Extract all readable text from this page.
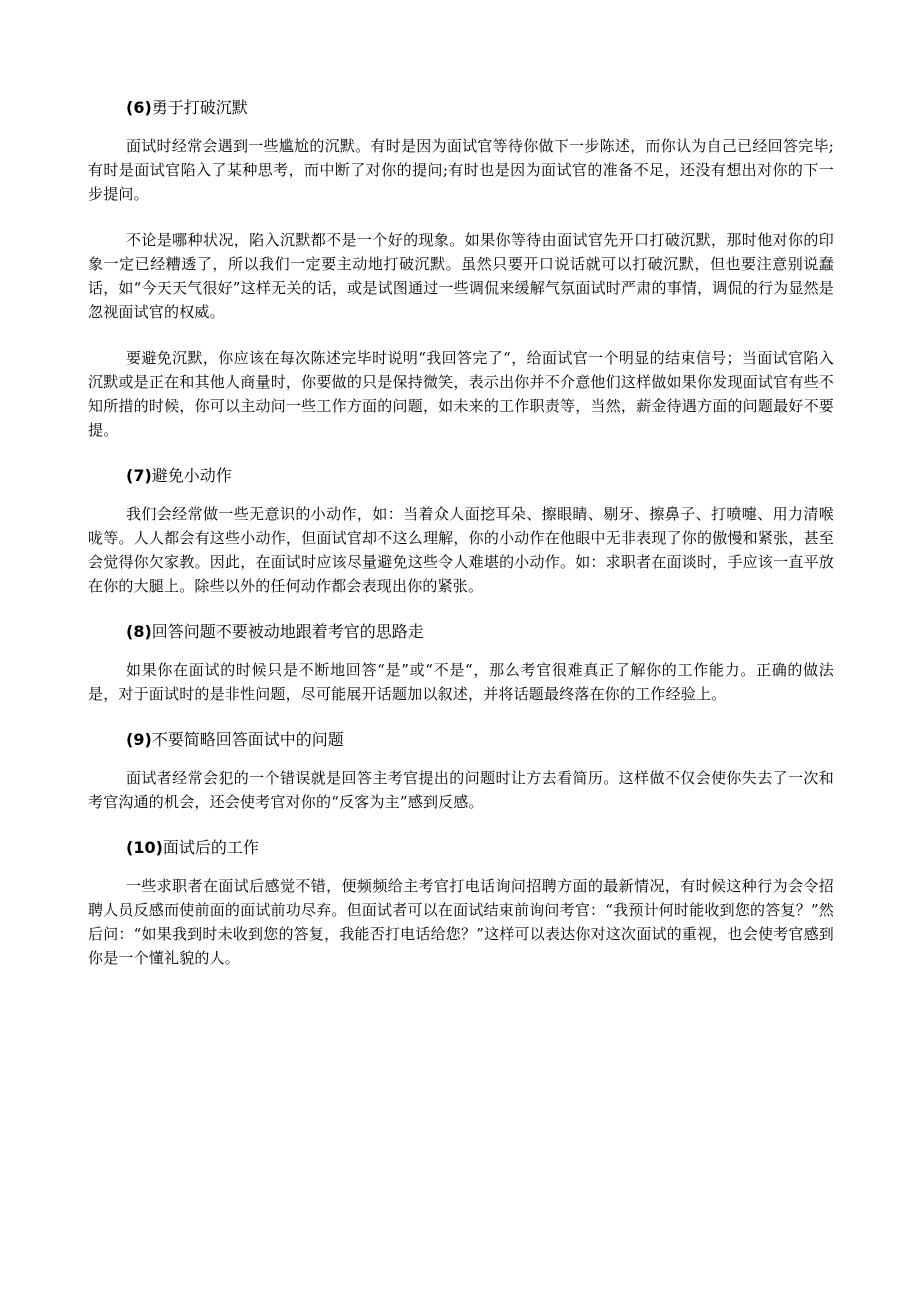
(6)勇于打破沉默

面试时经常会遇到一些尴尬的沉默。有时是因为面试官等待你做下一步陈述，而你认为自己已经回答完毕;有时是面试官陷入了某种思考，而中断了对你的提问;有时也是因为面试官的准备不足，还没有想出对你的下一步提问。

不论是哪种状况，陷入沉默都不是一个好的现象。如果你等待由面试官先开口打破沉默，那时他对你的印象一定已经糟透了，所以我们一定要主动地打破沉默。虽然只要开口说话就可以打破沉默，但也要注意别说蠢话，如“今天天气很好”这样无关的话，或是试图通过一些调侃来缓解气氛面试时严肃的事情，调侃的行为显然是忽视面试官的权威。

要避免沉默，你应该在每次陈述完毕时说明“我回答完了“，给面试官一个明显的结束信号；当面试官陷入沉默或是正在和其他人商量时，你要做的只是保持微笑，表示出你并不介意他们这样做如果你发现面试官有些不知所措的时候，你可以主动问一些工作方面的问题，如未来的工作职责等，当然，薪金待遇方面的问题最好不要提。

(7)避免小动作

我们会经常做一些无意识的小动作，如：当着众人面挖耳朵、擦眼睛、剔牙、擦鼻子、打喷嚏、用力清喉咙等。人人都会有这些小动作，但面试官却不这么理解，你的小动作在他眼中无非表现了你的傲慢和紧张，甚至会觉得你欠家教。因此，在面试时应该尽量避免这些令人难堪的小动作。如：求职者在面谈时，手应该一直平放在你的大腿上。除些以外的任何动作都会表现出你的紧张。

(8)回答问题不要被动地跟着考官的思路走

如果你在面试的时候只是不断地回答“是”或“不是“，那么考官很难真正了解你的工作能力。正确的做法是，对于面试时的是非性问题，尽可能展开话题加以叙述，并将话题最终落在你的工作经验上。

(9)不要简略回答面试中的问题

面试者经常会犯的一个错误就是回答主考官提出的问题时让方去看简历。这样做不仅会使你失去了一次和考官沟通的机会，还会使考官对你的“反客为主”感到反感。

(10)面试后的工作

一些求职者在面试后感觉不错，便频频给主考官打电话询问招聘方面的最新情况，有时候这种行为会令招聘人员反感而使前面的面试前功尽弃。但面试者可以在面试结束前询问考官：“我预计何时能收到您的答复？”然后问：“如果我到时未收到您的答复，我能否打电话给您？”这样可以表达你对这次面试的重视，也会使考官感到你是一个懂礼貌的人。
